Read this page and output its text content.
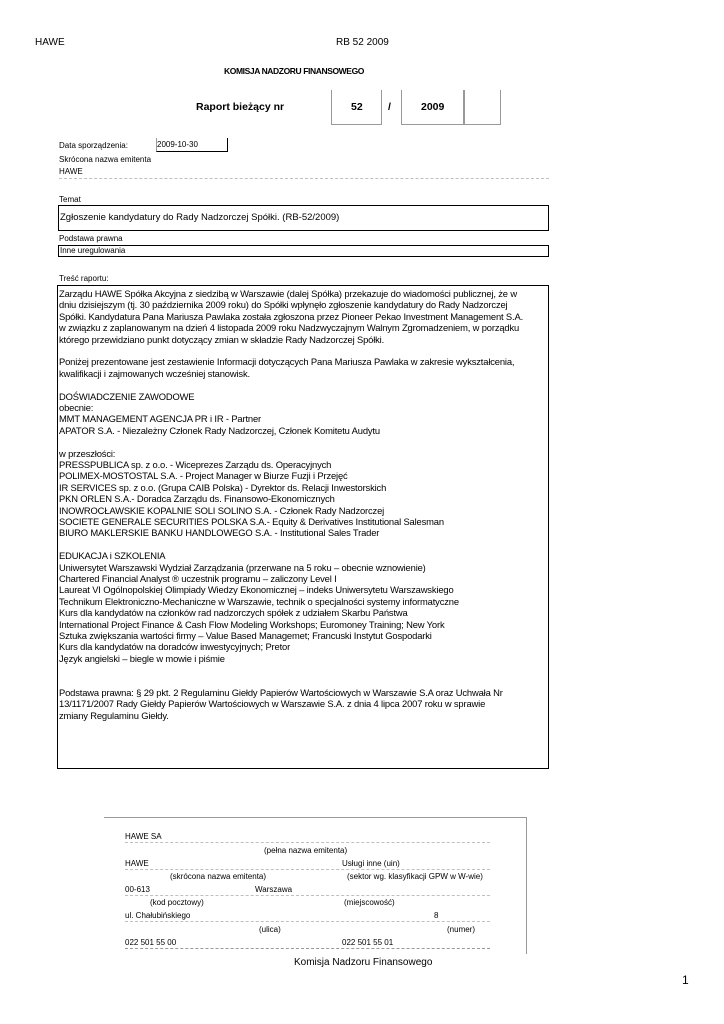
HAWE	RB 52 2009
KOMISJA NADZORU FINANSOWEGO
Raport bieżący nr	52 /	2009
Data sporządzenia:	2009-10-30
Skrócona nazwa emitenta
HAWE
Temat
Zgłoszenie kandydatury do Rady Nadzorczej Spółki. (RB-52/2009)
Podstawa prawna
Inne uregulowania
Treść raportu:
Zarządu HAWE Spółka Akcyjna z siedzibą w Warszawie (dalej Spółka) przekazuje do wiadomości publicznej, że w
dniu dzisiejszym (tj. 30 października 2009 roku) do Spółki wpłynęło zgłoszenie kandydatury do Rady Nadzorczej
Spółki. Kandydatura Pana Mariusza Pawlaka została zgłoszona przez Pioneer Pekao Investment Management S.A.
w związku z zaplanowanym na dzień 4 listopada 2009 roku Nadzwyczajnym Walnym Zgromadzeniem, w porządku
którego przewidziano punkt dotyczący zmian w składzie Rady Nadzorczej Spółki.
Poniżej prezentowane jest zestawienie Informacji dotyczących Pana Mariusza Pawlaka w zakresie wykształcenia,
kwalifikacji i zajmowanych wcześniej stanowisk.
DOŚWIADCZENIE ZAWODOWE
obecnie:
MMT MANAGEMENT AGENCJA PR i IR - Partner
APATOR S.A. - Niezależny Członek Rady Nadzorczej, Członek Komitetu Audytu
w przeszłości:
PRESSPUBLICA sp. z o.o. - Wiceprezes Zarządu ds. Operacyjnych
POLIMEX-MOSTOSTAL S.A. - Project Manager w Biurze Fuzji i Przejęć
IR SERVICES sp. z o.o. (Grupa CAIB Polska) - Dyrektor ds. Relacji Inwestorskich
PKN ORLEN S.A.- Doradca Zarządu ds. Finansowo-Ekonomicznych
INOWROCŁAWSKIE KOPALNIE SOLI SOLINO S.A. - Członek Rady Nadzorczej
SOCIETE GENERALE SECURITIES POLSKA S.A.- Equity & Derivatives Institutional Salesman
BIURO MAKLERSKIE BANKU HANDLOWEGO S.A. - Institutional Sales Trader
EDUKACJA i SZKOLENIA
Uniwersytet Warszawski Wydział Zarządzania (przerwane na 5 roku – obecnie wznowienie)
Chartered Financial Analyst ® uczestnik programu – zaliczony Level I
Laureat VI Ogólnopolskiej Olimpiady Wiedzy Ekonomicznej – indeks Uniwersytetu Warszawskiego
Technikum Elektroniczno-Mechaniczne w Warszawie, technik o specjalności systemy informatyczne
Kurs dla kandydatów na członków rad nadzorczych spółek z udziałem Skarbu Państwa
International Project Finance & Cash Flow Modeling Workshops; Euromoney Training; New York
Sztuka zwiększania wartości firmy – Value Based Managemet; Francuski Instytut Gospodarki
Kurs dla kandydatów na doradców inwestycyjnych; Pretor
Język angielski – biegle w mowie i piśmie
Podstawa prawna: § 29 pkt. 2 Regulaminu Giełdy Papierów Wartościowych w Warszawie S.A oraz Uchwała Nr
13/1171/2007 Rady Giełdy Papierów Wartościowych w Warszawie S.A. z dnia 4 lipca 2007 roku w sprawie
zmiany Regulaminu Giełdy.
HAWE SA
(pełna nazwa emitenta)
HAWE	Usługi inne (uin)
(skrócona nazwa emitenta)	(sektor wg. klasyfikacji GPW w W-wie)
00-613	Warszawa
(kod pocztowy)	(miejscowość)
ul. Chałubińskiego	8
(ulica)	(numer)
022 501 55 00	022 501 55 01
Komisja Nadzoru Finansowego
1
